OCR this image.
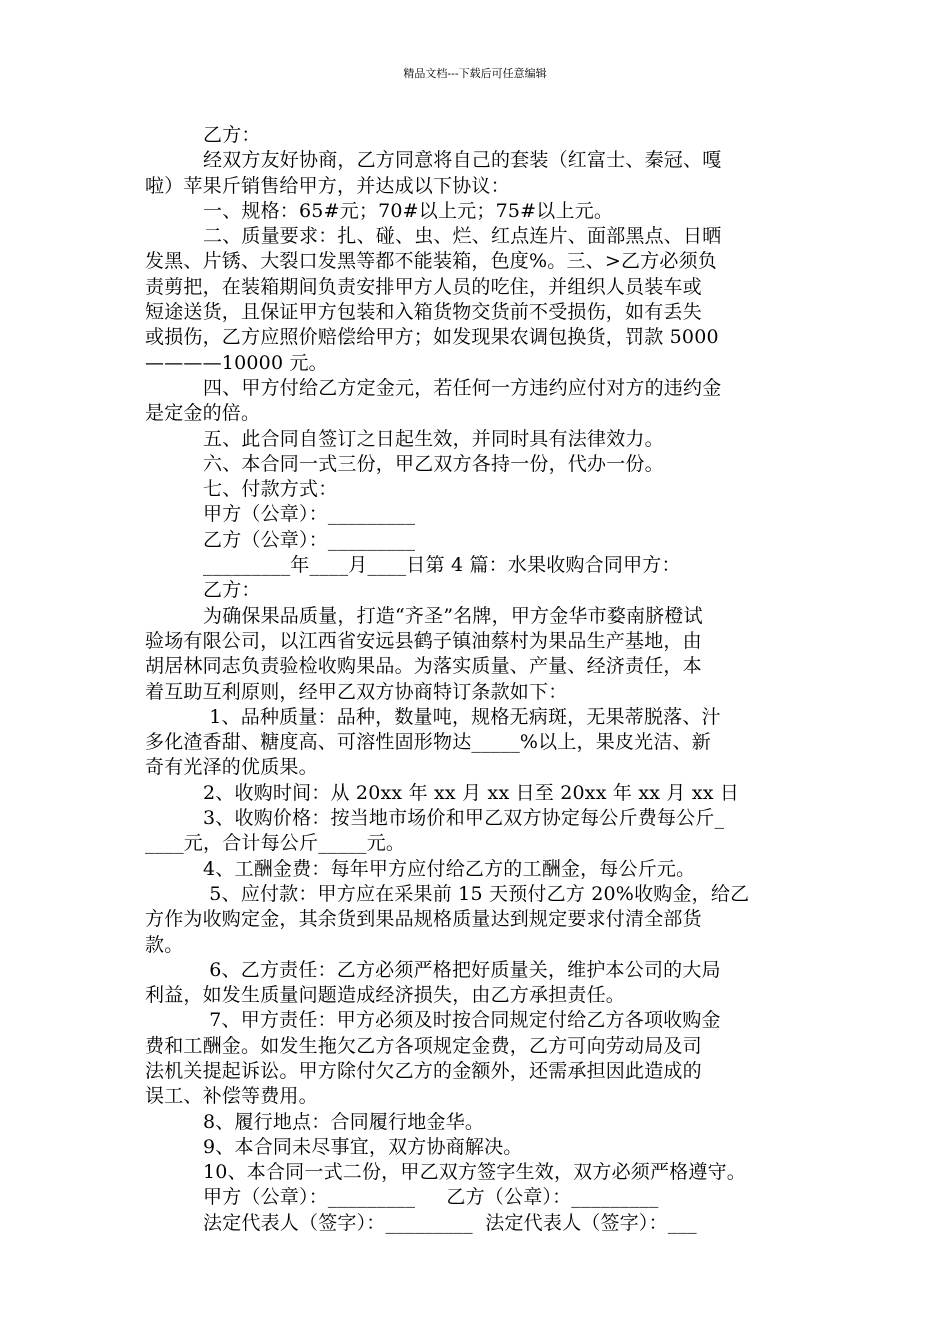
精品文档---下载后可任意编辑
乙方：
经双方友好协商，乙方同意将自己的套装（红富士、秦冠、嘎
啦）苹果斤销售给甲方，并达成以下协议：
一、规格：65#元；70#以上元；75#以上元。
二、质量要求：扎、碰、虫、烂、红点连片、面部黑点、日晒
发黑、片锈、大裂口发黑等都不能装箱，色度%。三、>乙方必须负
责剪把，在装箱期间负责安排甲方人员的吃住，并组织人员装车或
短途送货，且保证甲方包装和入箱货物交货前不受损伤，如有丢失
或损伤，乙方应照价赔偿给甲方；如发现果农调包换货，罚款 5000
————10000 元。
四、甲方付给乙方定金元，若任何一方违约应付对方的违约金
是定金的倍。
五、此合同自签订之日起生效，并同时具有法律效力。
六、本合同一式三份，甲乙双方各持一份，代办一份。
七、付款方式：
甲方（公章）：_________
乙方（公章）：_________
_________年____月____日第 4 篇：水果收购合同甲方：
乙方：
为确保果品质量，打造“齐圣”名牌，甲方金华市婺南脐橙试
验场有限公司，以江西省安远县鹤子镇油蔡村为果品生产基地，由
胡居林同志负责验检收购果品。为落实质量、产量、经济责任，本
着互助互利原则，经甲乙双方协商特订条款如下：
1、品种质量：品种，数量吨，规格无病斑，无果蒂脱落、汁
多化渣香甜、糖度高、可溶性固形物达_____%以上，果皮光洁、新
奇有光泽的优质果。
2、收购时间：从 20xx 年 xx 月 xx 日至 20xx 年 xx 月 xx 日
3、收购价格：按当地市场价和甲乙双方协定每公斤费每公斤_
____元，合计每公斤_____元。
4、工酬金费：每年甲方应付给乙方的工酬金，每公斤元。
5、应付款：甲方应在采果前 15 天预付乙方 20%收购金，给乙
方作为收购定金，其余货到果品规格质量达到规定要求付清全部货
款。
6、乙方责任：乙方必须严格把好质量关，维护本公司的大局
利益，如发生质量问题造成经济损失，由乙方承担责任。
7、甲方责任：甲方必须及时按合同规定付给乙方各项收购金
费和工酬金。如发生拖欠乙方各项规定金费，乙方可向劳动局及司
法机关提起诉讼。甲方除付欠乙方的金额外，还需承担因此造成的
误工、补偿等费用。
8、履行地点：合同履行地金华。
9、本合同未尽事宜，双方协商解决。
10、本合同一式二份，甲乙双方签字生效，双方必须严格遵守。
甲方（公章）：_________     乙方（公章）：_________
法定代表人（签字）：_________  法定代表人（签字）：___
